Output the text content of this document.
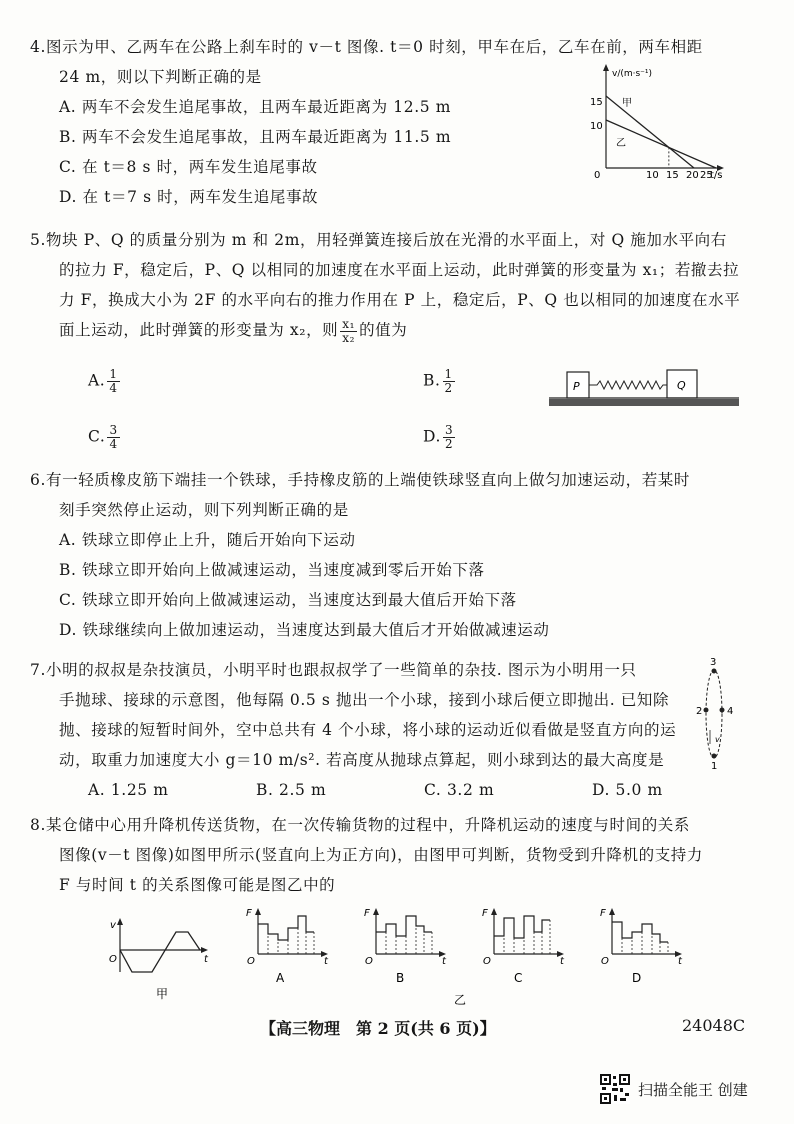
4.图示为甲、乙两车在公路上刹车时的 v－t 图像. t＝0 时刻，甲车在后，乙车在前，两车相距
24 m，则以下判断正确的是
A. 两车不会发生追尾事故，且两车最近距离为 12.5 m
B. 两车不会发生追尾事故，且两车最近距离为 11.5 m
C. 在 t＝8 s 时，两车发生追尾事故
D. 在 t＝7 s 时，两车发生追尾事故
v/(m·s⁻¹)
0
15
10
10 15 20 25
t/s
甲
乙
5.物块 P、Q 的质量分别为 m 和 2m，用轻弹簧连接后放在光滑的水平面上，对 Q 施加水平向右
的拉力 F，稳定后，P、Q 以相同的加速度在水平面上运动，此时弹簧的形变量为 x₁；若撤去拉
力 F，换成大小为 2F 的水平向右的推力作用在 P 上，稳定后，P、Q 也以相同的加速度在水平
面上运动，此时弹簧的形变量为 x₂，则 $\frac{\text{x₁}}{\text{x₂}}$ 的值为
A. $\frac{1}{4}$	B. $\frac{1}{2}$
C. $\frac{3}{4}$	D. $\frac{3}{2}$
P	Q
6.有一轻质橡皮筋下端挂一个铁球，手持橡皮筋的上端使铁球竖直向上做匀加速运动，若某时
刻手突然停止运动，则下列判断正确的是
A. 铁球立即停止上升，随后开始向下运动
B. 铁球立即开始向上做减速运动，当速度减到零后开始下落
C. 铁球立即开始向上做减速运动，当速度达到最大值后开始下落
D. 铁球继续向上做加速运动，当速度达到最大值后才开始做减速运动
7.小明的叔叔是杂技演员，小明平时也跟叔叔学了一些简单的杂技. 图示为小明用一只
手抛球、接球的示意图，他每隔 0.5 s 抛出一个小球，接到小球后便立即抛出. 已知除
抛、接球的短暂时间外，空中总共有 4 个小球，将小球的运动近似看做是竖直方向的运
动，取重力加速度大小 g＝10 m/s². 若高度从抛球点算起，则小球到达的最大高度是
A. 1.25 m	B. 2.5 m	C. 3.2 m	D. 5.0 m
3
2 4
1
v
8.某仓储中心用升降机传送货物，在一次传输货物的过程中，升降机运动的速度与时间的关系
图像(v－t 图像)如图甲所示(竖直向上为正方向)，由图甲可判断，货物受到升降机的支持力
F 与时间 t 的关系图像可能是图乙中的
v
O	t
甲
F
O	t
A
F
O	t
B
F
O	t
C
F
O	t
D
乙
【高三物理　第 2 页(共 6 页)】	24048C
扫描全能王 创建
